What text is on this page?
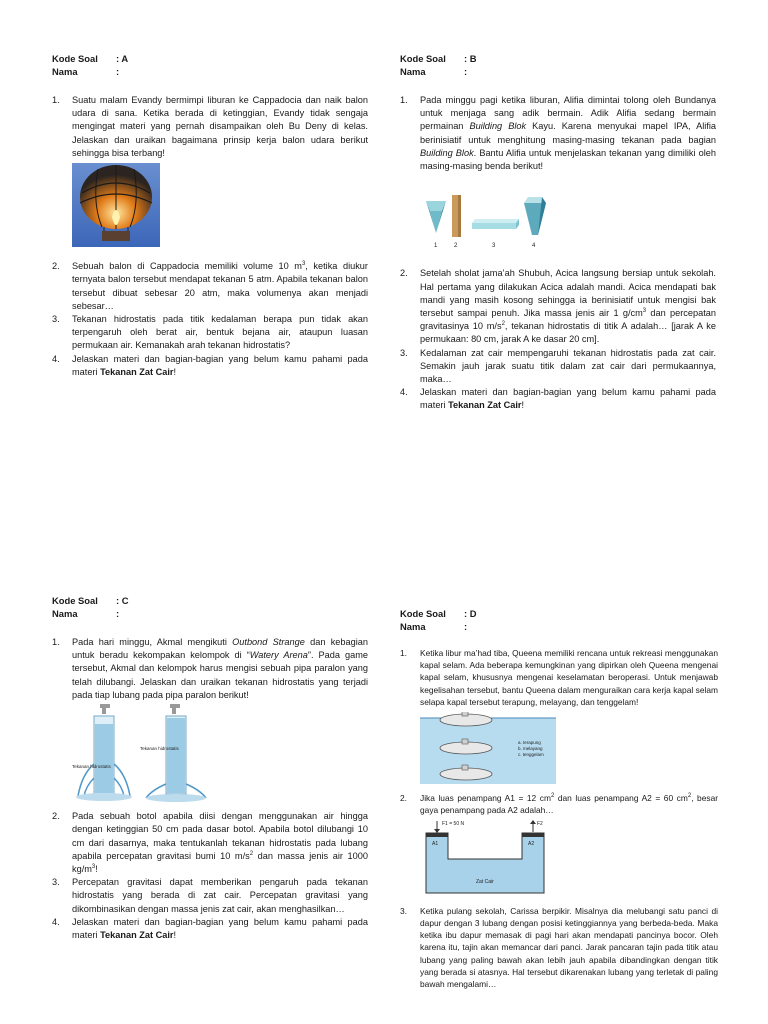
Kode Soal : A
Nama	:

1. Suatu malam Evandy bermimpi liburan ke Cappadocia dan naik balon udara di sana. Ketika berada di ketinggian, Evandy tidak sengaja mengingat materi yang pernah disampaikan oleh Bu Deny di kelas. Jelaskan dan uraikan bagaimana prinsip kerja balon udara berikut sehingga bisa terbang!

2. Sebuah balon di Cappadocia memiliki volume 10 $m^3$, ketika diukur ternyata balon tersebut mendapat tekanan 5 atm. Apabila tekanan balon tersebut dibuat sebesar 20 atm, maka volumenya akan menjadi sebesar…

3. Tekanan hidrostatis pada titik kedalaman berapa pun tidak akan terpengaruh oleh berat air, bentuk bejana air, ataupun luasan permukaan air. Kemanakah arah tekanan hidrostatis?

4. Jelaskan materi dan bagian-bagian yang belum kamu pahami pada materi Tekanan Zat Cair!

Kode Soal : B
Nama	:

1. Pada minggu pagi ketika liburan, Alifia dimintai tolong oleh Bundanya untuk menjaga sang adik bermain. Adik Alifia sedang bermain permainan Building Blok Kayu. Karena menyukai mapel IPA, Alifia berinisiatif untuk menghitung masing-masing tekanan pada bagian Building Blok. Bantu Alifia untuk menjelaskan tekanan yang dimiliki oleh masing-masing benda berikut!

1	2	3	4

2. Setelah sholat jama’ah Shubuh, Acica langsung bersiap untuk sekolah. Hal pertama yang dilakukan Acica adalah mandi. Acica mendapati bak mandi yang masih kosong sehingga ia berinisiatif untuk mengisi bak tersebut sampai penuh. Jika massa jenis air 1 $g/cm^3$ dan percepatan gravitasinya 10 $m/s^2$, tekanan hidrostatis di titik A adalah… [jarak A ke permukaan: 80 cm, jarak A ke dasar 20 cm].

3. Kedalaman zat cair mempengaruhi tekanan hidrostatis pada zat cair. Semakin jauh jarak suatu titik dalam zat cair dari permukaannya, maka…

4. Jelaskan materi dan bagian-bagian yang belum kamu pahami pada materi Tekanan Zat Cair!

Kode Soal : C
Nama	:

1. Pada hari minggu, Akmal mengikuti Outbond Strange dan kebagian untuk beradu kekompakan kelompok di “Watery Arena”. Pada game tersebut, Akmal dan kelompok harus mengisi sebuah pipa paralon yang telah dilubangi. Jelaskan dan uraikan tekanan hidrostatis yang terjadi pada tiap lubang pada pipa paralon berikut!

Tekanan hidrostatis
Tekanan hidrostatis

2. Pada sebuah botol apabila diisi dengan menggunakan air hingga dengan ketinggian 50 cm pada dasar botol. Apabila botol dilubangi 10 cm dari dasarnya, maka tentukanlah tekanan hidrostatis pada lubang apabila percepatan gravitasi bumi 10 $m/s^2$ dan massa jenis air 1000 $kg/m^3$!

3. Percepatan gravitasi dapat memberikan pengaruh pada tekanan hidrostatis yang berada di zat cair. Percepatan gravitasi yang dikombinasikan dengan massa jenis zat cair, akan menghasilkan…

4. Jelaskan materi dan bagian-bagian yang belum kamu pahami pada materi Tekanan Zat Cair!

Kode Soal : D
Nama	:

1. Ketika libur ma’had tiba, Queena memiliki rencana untuk rekreasi menggunakan kapal selam. Ada beberapa kemungkinan yang dipirkan oleh Queena mengenai kapal selam, khususnya mengenai keselamatan beroperasi. Untuk menjawab kegelisahan tersebut, bantu Queena dalam menguraikan cara kerja kapal selam selapa kapal tersebut terapung, melayang, dan tenggelam!

a. terapung
b. melayang
c. tenggelam

2. Jika luas penampang A1 = 12 $cm^2$ dan luas penampang A2 = 60 $cm^2$, besar gaya penampang pada A2 adalah…

F1 = 50 N	F2
A1	A2
Zat Cair

3. Ketika pulang sekolah, Carissa berpikir. Misalnya dia melubangi satu panci di dapur dengan 3 lubang dengan posisi ketinggiannya yang berbeda-beda. Maka ketika ibu dapur memasak di pagi hari akan mendapati pancinya bocor. Oleh karena itu, tajin akan memancar dari panci. Jarak pancaran tajin pada titik atau lubang yang paling bawah akan lebih jauh apabila dibandingkan dengan titik yang berada si atasnya. Hal tersebut dikarenakan lubang yang terletak di paling bawah mengalami…
